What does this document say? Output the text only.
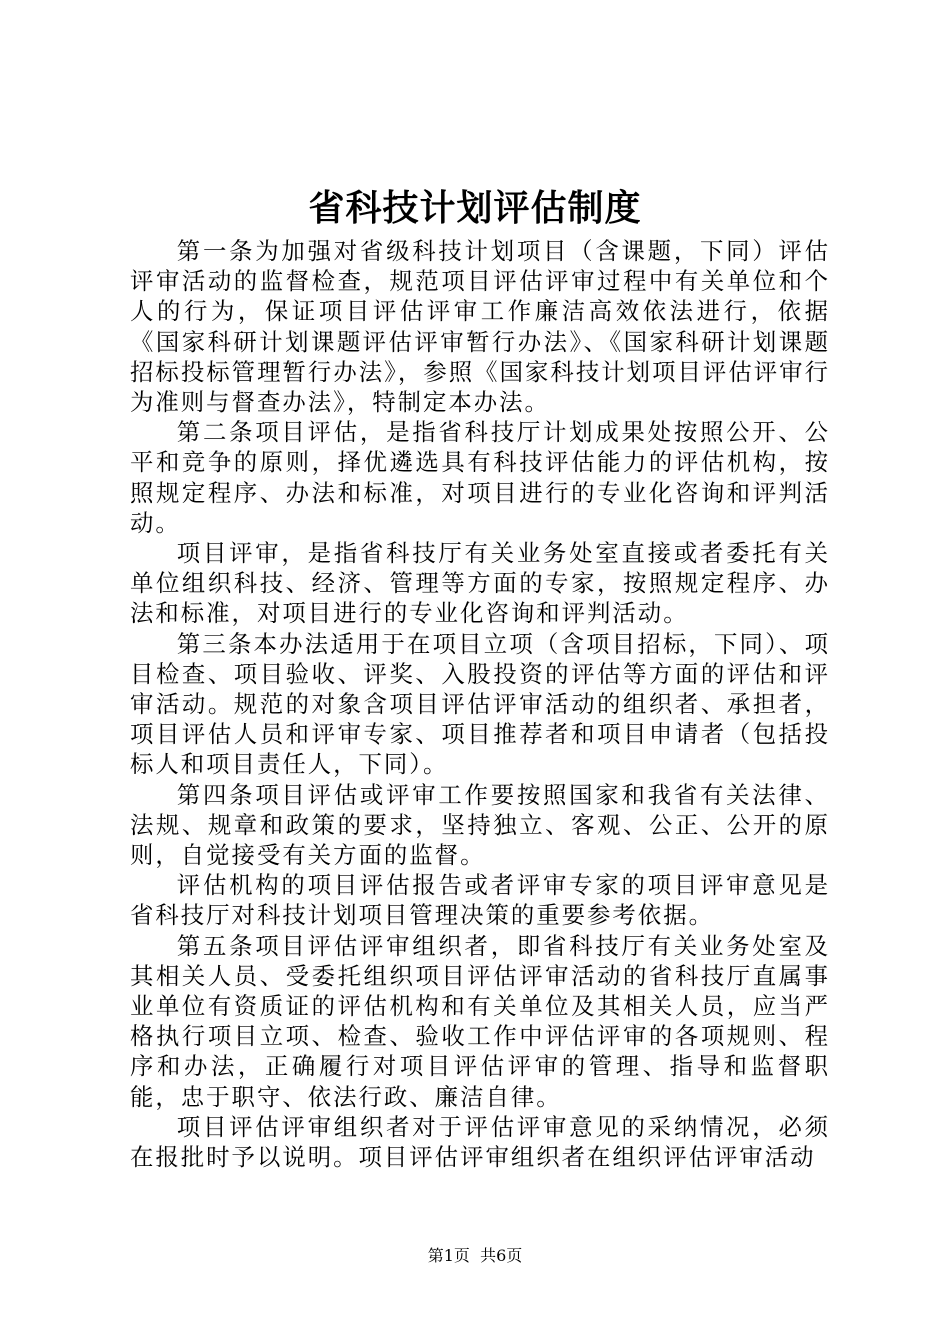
省科技计划评估制度

第一条为加强对省级科技计划项目（含课题，下同）评估评审活动的监督检查，规范项目评估评审过程中有关单位和个人的行为，保证项目评估评审工作廉洁高效依法进行，依据《国家科研计划课题评估评审暂行办法》、《国家科研计划课题招标投标管理暂行办法》，参照《国家科技计划项目评估评审行为准则与督查办法》，特制定本办法。

第二条项目评估，是指省科技厅计划成果处按照公开、公平和竞争的原则，择优遴选具有科技评估能力的评估机构，按照规定程序、办法和标准，对项目进行的专业化咨询和评判活动。

项目评审，是指省科技厅有关业务处室直接或者委托有关单位组织科技、经济、管理等方面的专家，按照规定程序、办法和标准，对项目进行的专业化咨询和评判活动。

第三条本办法适用于在项目立项（含项目招标，下同）、项目检查、项目验收、评奖、入股投资的评估等方面的评估和评审活动。规范的对象含项目评估评审活动的组织者、承担者，项目评估人员和评审专家、项目推荐者和项目申请者（包括投标人和项目责任人，下同）。

第四条项目评估或评审工作要按照国家和我省有关法律、法规、规章和政策的要求，坚持独立、客观、公正、公开的原则，自觉接受有关方面的监督。

评估机构的项目评估报告或者评审专家的项目评审意见是省科技厅对科技计划项目管理决策的重要参考依据。

第五条项目评估评审组织者，即省科技厅有关业务处室及其相关人员、受委托组织项目评估评审活动的省科技厅直属事业单位有资质证的评估机构和有关单位及其相关人员，应当严格执行项目立项、检查、验收工作中评估评审的各项规则、程序和办法，正确履行对项目评估评审的管理、指导和监督职能，忠于职守、依法行政、廉洁自律。

项目评估评审组织者对于评估评审意见的采纳情况，必须在报批时予以说明。项目评估评审组织者在组织评估评审活动

第1页  共6页
